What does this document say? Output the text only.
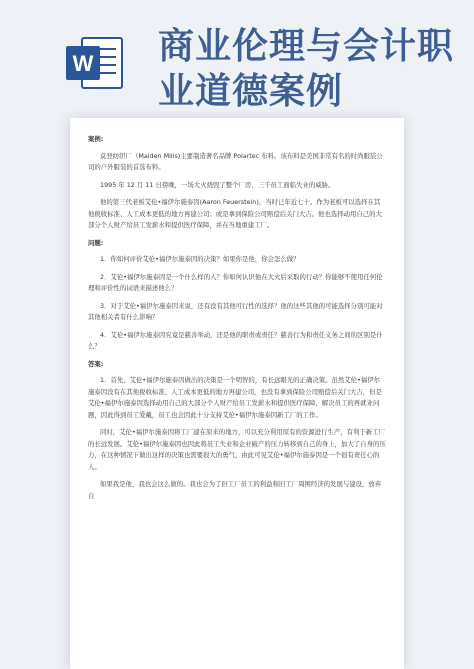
W 商业伦理与会计职
业道德案例

案例:

莫登纺织厂（Malden Mills)主要制造著名品牌 Polartec 布料。该布料是美国非常有名的时尚服装公司的户外服装的首选布料。

1995 年 12 月 11 日傍晚，一场大火烧毁了整个厂房，三千员工面临失业的威胁。

他的第三代老板艾伦•福伊尔施泰因(Aaron Feuerstein)，当时已年近七十。作为老板可以选择在其他税收标准、人工成本更低的地方再建公司；或是拿到保险公司赔偿后关门大吉。他也选择动用自己的大部分个人财产给员工发薪水和提供医疗保障，并在当地重建工厂。

问题:

1．你如何评价艾伦•福伊尔施泰因的决策？如果你是他，你会怎么做？

2．艾伦•福伊尔施泰因是一个什么样的人？你如何认识他在大火后采取的行动？你能够不使用任何伦理和评价性的词语来描述他么？

3．对于艾伦•福伊尔施泰因来说，还有没有其他可行性的选择？他的这些其他的可能选择分别可能对其他相关者有什么影响？

4．艾伦•福伊尔施泰因究竟是慈善举动，还是他的职责或责任？慈善行为和责任义务之间的区别是什么？

答案:

1．首先，艾伦•福伊尔施泰因做出的决策是一个明智的，有长远眼光的正确决策。虽然艾伦•福伊尔施泰因没有在其他税收标准、人工成本更低的地方再建公司，也没有拿到保险公司赔偿后关门大吉，但是艾伦•福伊尔施泰因选择动用自己的大部分个人财产给员工发薪水和提供医疗保障，解决员工的再就业问题，因此得到员工爱戴，员工也会因此十分支持艾伦•福伊尔施泰因新工厂的工作。

同时，艾伦•福伊尔施泰因将工厂建在原来的地方，可以充分利用原有的资源进行生产，有利于新工厂的长远发展。艾伦•福伊尔施泰因也因此将员工失业和企业破产的压力转移到自己的身上，加大了自身的压力，在这种情况下做出这样的决策也需要很大的勇气，由此可见艾伦•福伊尔施泰因是一个很有责任心的人。

如果我是他，我也会这么做的。我也会为了旧工厂员工的利益和旧工厂周围经济的发展与建设，放弃自
